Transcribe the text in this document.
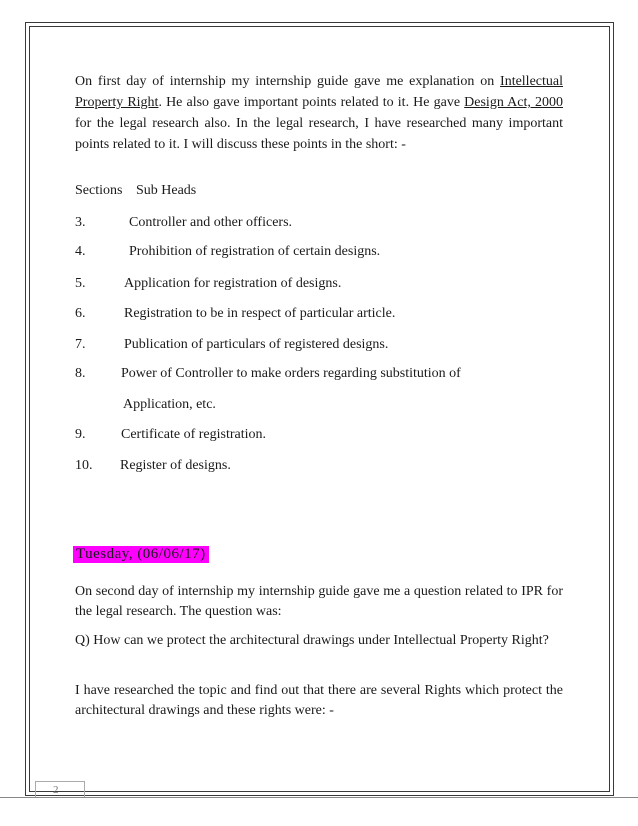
On first day of internship my internship guide gave me explanation on Intellectual Property Right. He also gave important points related to it. He gave Design Act, 2000 for the legal research also. In the legal research, I have researched many important points related to it. I will discuss these points in the short: -

Sections Sub Heads
3.	Controller and other officers.
4.	Prohibition of registration of certain designs.
5.	Application for registration of designs.
6.	Registration to be in respect of particular article.
7.	Publication of particulars of registered designs.
8.	Power of Controller to make orders regarding substitution of
Application, etc.
9.	Certificate of registration.
10. Register of designs.
Tuesday, (06/06/17)

On second day of internship my internship guide gave me a question related to IPR for the legal research. The question was:

Q) How can we protect the architectural drawings under Intellectual Property Right?

I have researched the topic and find out that there are several Rights which protect the architectural drawings and these rights were: -

2
